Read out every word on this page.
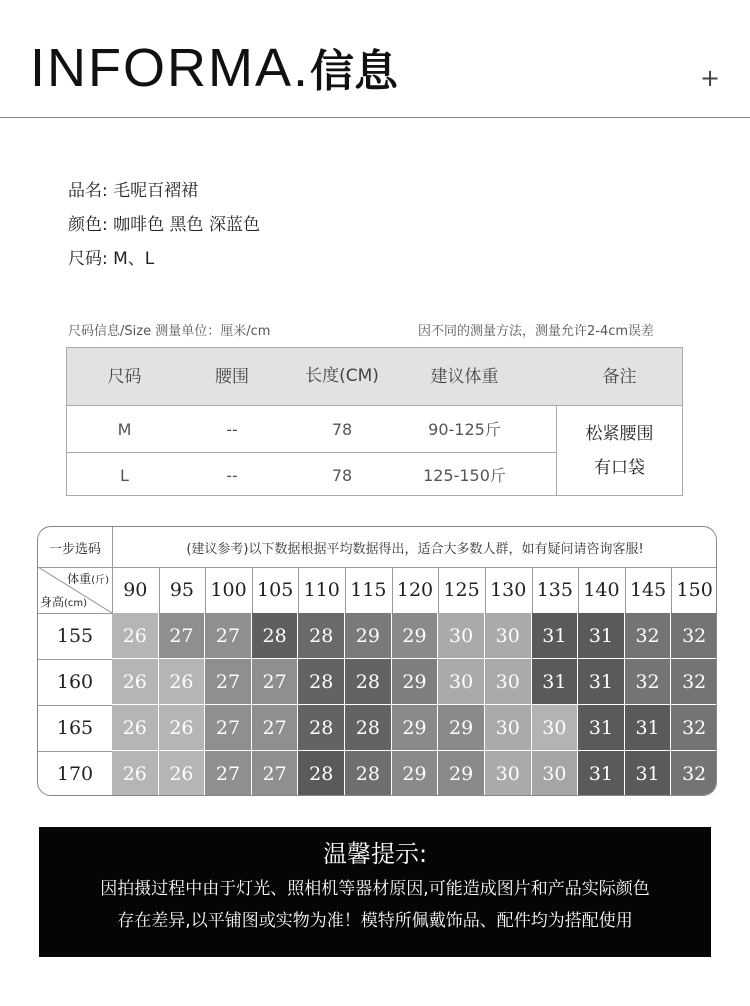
INFORMA.信息	+
品名: 毛呢百褶裙
颜色: 咖啡色 黑色 深蓝色
尺码: M、L
尺码信息/Size 测量单位：厘米/cm	因不同的测量方法，测量允许2-4cm误差
尺码	腰围	长度(CM)	建议体重	备注
M	--	78	90-125斤
L	--	78	125-150斤
松紧腰围
有口袋
一步选码	(建议参考)以下数据根据平均数据得出，适合大多数人群，如有疑问请咨询客服!
体重(斤)
身高(cm)
90	95 100 105 110 115 120 125 130 135 140 145 150
155	26	27	27	28	28	29	29	30	30	31	31	32	32
160	26	26	27	27	28	28	29	30	30	31	31	32	32
165	26	26	27	27	28	28	29	29	30	30	31	31	32
170	26	26	27	27	28	28	29	29	30	30	31	31	32
温馨提示:
因拍摄过程中由于灯光、照相机等器材原因,可能造成图片和产品实际颜色
存在差异,以平铺图或实物为准！模特所佩戴饰品、配件均为搭配使用
